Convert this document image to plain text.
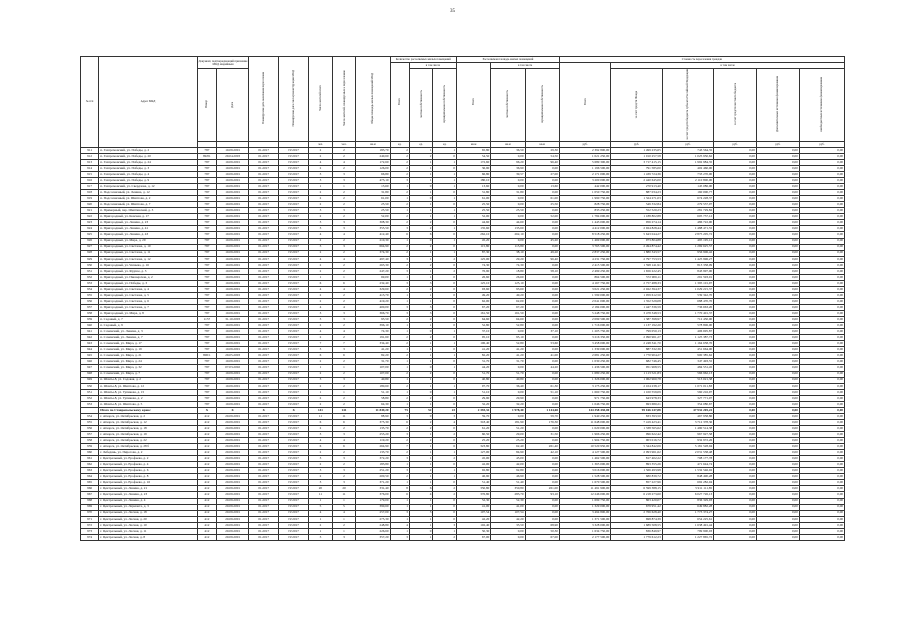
35
№ п/п	Адрес МКД	Документ, подтверждающий признание МКД аварийным		Планируемая дата окончания переселения	Планируемая дата сноса/реконструкции МКД	Число жителей всего	Число жителей, планируемых к переселению	Общая площадь жилых помещений МКД	Количество расселяемых жилых помещений			Расселяемая площадь жилых помещений			Стоимость переселения граждан					
									Всего	в том числе		Всего	в том числе		Всего	в том числе				
		Номер	Дата							частная собственность	муниципальная собственность		частная собственность	муниципальная собственность		за счет средств Фонда	за счет средств бюджета субъекта Российской Федерации	за счет средств местного бюджета	Дополнительные источники финансирования	внебюджетных источников финансирования
						чел.	чел.	кв.м	ед.	ед.	ед.	кв.м	кв.м	кв.м	руб.	руб.	руб.	руб.	руб.	руб.
911	п. Газпромовский, ул. Победы, д. 2	787	10.09.2001	01.2017	IV.2017	2	2	183,70	2	1	1	65,80	36,50	29,30	2 392 800,00	1 499 235,65	743 564,35	0,00	0,00	0,00
912	п. Газпромовский, ул. Победы, д. 20	89/01	29.04.2003	01.2017	IV.2017	2	2	240,60	2	2	0	54,50	0,00	54,50	1 021 250,00	1 010 257,58	1 025 950,62	0,00	0,00	0,00
913	п. Газпромовский, ул. Победы, д. 24	787	10.09.2001	01.2017	IV.2017	4	4	172,60	2	1	1	172,60	96,20	96,40	5 689 300,00	3 717 415,15	1 992 984,35	0,00	0,00	0,00
914	п. Газпромовский, ул. Победы, д. 3	787	10.09.2001	01.2017	IV.2017	2	2	126,00	2	1	0	36,90	36,90	0,00	1 196 500,00	791 585,00	402 460,00	0,00	0,00	0,00
915	п. Газпромовский, ул. Победы, д. 4	787	10.09.2001	01.2017	IV.2017	3	3	66,80	2	1	1	66,80	39,57	27,00	2 171 000,00	1 439 724,36	733 270,00	0,00	0,00	0,00
916	п. Газпромовский, ул. Победы, д. 9	787	10.09.2001	01.2017	IV.2017	3	3	473,10	3	1	1	180,10	0,00	0,00	3 200 000,00	2 440 645,00	2 110 800,00	0,00	0,00	0,00
917	п. Газпромовский, ул. Свердлова, д. 12	787	10.09.2001	01.2017	IV.2017	1	1	13,60	1	0	1	13,60	0,00	13,60	442 000,00	270 913,40	145 086,00	0,00	0,00	0,00
918	п. Подсолнечный, ул. Ленина, д. 12	787	10.09.2001	01.2017	IV.2017	2	2	31,80	2	1	0	31,80	31,80	0,00	1 050 750,00	887 034,23	160 000,77	0,00	0,00	0,00
919	п. Подсолнечный, ул. Шиптова, д. 2	787	10.09.2001	01.2017	IV.2017	2	2	61,00	1	0	1	61,00	0,00	61,00	1 990 750,00	1 324 271,03	674 228,37	0,00	0,00	0,00
920	п. Подсолнечный, ул. Шиптова, д. 7	787	10.09.2001	01.2017	IV.2017	2	2	25,50	2	1	0	25,50	0,00	25,50	828 750,00	549 332,84	279 537,07	0,00	0,00	0,00
921	п. Примерный, пер. Шептинский, д. 3	787	10.09.2001	01.2017	IV.2017	3	3	25,50	1	1	1	25,50	25,50	0,00	833 250,00	552 520,23	281 729,82	0,00	0,00	0,00
922	п. Пригородный, ул. Ковская, д. 17	787	10.09.2001	01.2017	IV.2017	2	2	52,00	2	1	1	52,00	0,00	52,00	1 784 000,00	1 188 802,88	605 737,12	0,00	0,00	0,00
923	п. Пригородный, ул. Ленина, д. 23	787	10.09.2001	01.2017	IV.2017	3	3	308,30	2	2	0	44,60	44,60	0,00	1 443 000,00	956 274,14	486 722,90	0,00	0,00	0,00
924	п. Пригородный, ул. Ленина, д. 41	787	10.09.2001	01.2017	IV.2017	3	3	355,50	3	2	1	135,60	135,60	0,00	4 412 000,00	2 924 828,44	1 488 471,55	0,00	0,00	0,00
925	п. Пригородный, ул. Ленина, д. 43	787	10.09.2001	01.2017	IV.2017	4	4	412,40	6	6	0	262,10	262,10	0,00	8 518 250,00	5 643 044,27	2 875 205,72	0,00	0,00	0,00
926	п. Пригородный, ул. Мира, д. 29	787	10.09.2001	01.2017	IV.2017	2	2	210,30	1	0	1	45,20	0,00	45,20	1 469 000,00	973 804,88	495 195,12	0,00	0,00	0,00
927	п. Пригородный, ул. Светлова, д. 10	787	10.09.2001	01.2017	IV.2017	3	3	664,90	2	2	0	115,80	115,80	0,00	3 765 500,00	2 494 874,42	1 269 625,57	0,00	0,00	0,00
928	п. Пригородный, ул. Светлова, д. 11	787	10.09.2001	01.2017	IV.2017	2	2	374,30	2	1	1	87,30	38,10	49,20	2 837 250,00	1 880 343,57	956 906,42	0,00	0,00	0,00
929	п. Пригородный, ул. Светлова, д. 12	787	10.09.2001	01.2017	IV.2017	4	4	497,40	3	1	2	125,00	29,20	96,40	4 231 750,00	2 797 753,53	1 425 996,27	0,00	0,00	0,00
930	п. Пригородный, ул. Чапаева, д. 16	787	10.09.2001	01.2017	IV.2017	2	2	263,30	2	2	0	74,30	74,30	0,00	2 415 500,00	1 598 141,91	813 358,09	0,00	0,00	0,00
931	п. Пригородный, ул. Фрунзе, д. 3	787	10.09.2001	01.2017	IV.2017	2	2	247,20	3	1	2	76,90	18,80	58,10	2 499 250,00	1 656 222,45	843 997,00	0,00	0,00	0,00
932	п. Пригородный, ул. Пионерская, д. 2	787	10.09.2001	01.2017	IV.2017	1	1	69,00	1	1	0	26,60	26,60	0,00	864 500,00	572 906,11	291 593,01	0,00	0,00	0,00
933	п. Пригородный, ул. Победы, д. 3	787	10.09.2001	01.2017	IV.2017	6	6	232,40	3	3	0	125,10	125,10	0,00	4 167 750,00	2 757 488,33	1 395 101,97	0,00	0,00	0,00
934	п. Пригородный, ул. Светлова, д. 4	787	10.09.2001	01.2017	IV.2017	4	4	329,60	2	2	0	93,60	93,60	0,00	3 021 250,00	2 022 394,37	1 029 215,37	0,00	0,00	0,00
935	п. Пригородный, ул. Светлова, д. 5	787	10.09.2001	01.2017	IV.2017	2	2	413,70	1	1	0	49,20	49,20	0,00	1 599 000,00	1 059 612,50	539 342,70	0,00	0,00	0,00
936	п. Пригородный, ул. Светлова, д. 6	787	10.09.2001	01.2017	IV.2017	2	2	419,20	1	1	0	62,00	62,00	0,00	2 041 000,00	1 352 529,08	688 470,70	0,00	0,00	0,00
937	п. Пригородный, ул. Светлова, д. 7	787	10.09.2001	01.2017	IV.2017	4	4	400,00	3	3	0	67,20	67,20	0,00	2 184 000,00	1 447 336,59	736 663,20	0,00	0,00	0,00
938	п. Пригородный, ул. Мира, д. 8	787	10.09.2001	01.2017	IV.2017	3	3	366,70	3	3	0	161,50	161,50	0,00	5 248 750,00	3 478 348,53	1 770 401,37	0,00	0,00	0,00
939	п. Садовый, д. 7	1157	31.10.2003	01.2017	IV.2017	3	3	93,50	2	2	0	64,60	64,60	0,00	2 099 500,00	1 387 398,97	712 450,00	0,00	0,00	0,00
940	п. Садовый, д. 9	787	10.09.2001	01.2017	IV.2017	2	2	396,10	1	1	0	52,80	52,80	0,00	1 716 000,00	1 137 192,20	578 806,00	0,00	0,00	0,00
941	п. Сочинский, ул. Ленина, д. 3	787	10.09.2001	01.2017	IV.2017	4	4	74,30	1	0	1	37,10	0,00	37,10	1 205 750,00	799 050,13	406 695,87	0,00	0,00	0,00
942	п. Сочинский, ул. Ленина, д. 7	787	10.09.2001	01.2017	IV.2017	2	2	191,60	2	2	0	95,10	95,10	0,00	3 216 350,00	2 090 961,27	1 125 387,73	0,00	0,00	0,00
943	п. Сочинский, ул. Мира, д. 17	787	10.09.2001	01.2017	IV.2017	7	7	334,40	2	1	1	106,40	52,80	53,60	3 458 000,00	2 248 341,70	1 164 658,70	0,00	0,00	0,00
944	п. Сочинский, ул. Мира, д. 19	787	10.09.2001	01.2017	IV.2017	3	3	41,20	1	1	0	41,20	41,20	0,00	1 339 000,00	887 332,36	451 664,00	0,00	0,00	0,00
945	п. Сочинский, ул. Мира, д. 21	800/1	29.05.2003	01.2017	IV.2017	6	6	82,20	2	1	1	82,20	41,20	41,00	2 681 250,00	1 770 904,27	900 385,62	0,00	0,00	0,00
946	п. Сочинский, ул. Мира, д. 24	787	10.09.2001	01.2017	IV.2017	2	2	31,70	1	1	0	31,70	31,70	0,00	1 030 250,00	682 746,45	347 493,55	0,00	0,00	0,00
947	п. Сочинский, ул. Мира, д. 32	787	07.03.2002	01.2017	IV.2017	1	1	107,00	1	0	1	44,20	0,00	44,20	1 436 500,00	951 968,55	484 531,45	0,00	0,00	0,00
948	п. Сочинский, ул. Мира, д. 7	787	10.09.2001	01.2017	IV.2017	2	2	107,00	2	2	0	51,70	51,70	0,00	1 680 250,00	1 113 521,83	566 962,13	0,00	0,00	0,00
949	п. Шахты-8, ул. Садовая, д. 2	787	10.09.2001	01.2017	IV.2017	3	3	40,80	1	1	0	40,80	40,80	0,00	1 326 000,00	1 062 960,78	513 021,38	0,00	0,00	0,00
950	п. Шахты-8, ул. Шиптова, д. 12	787	10.09.2001	01.2017	IV.2017	2	2	180,60	2	1	1	97,70	36,40	61,30	3 175 250,00	2 104 238,17	1 071 011,83	0,00	0,00	0,00
951	п. Шахты-8, ул. Тупикова, д. 15	787	10.09.2001	01.2017	IV.2017	1	1	51,10	1	0	1	51,10	0,00	51,10	1 660 750,00	1 100 559,09	560 216,97	0,00	0,00	0,00
952	п. Шахты-8, ул. Тупикова, д. 2	787	10.09.2001	01.2017	IV.2017	2	2	58,80	2	2	0	29,90	29,90	0,00	971 750,00	643 978,33	327 771,07	0,00	0,00	0,00
953	п. Шахты-8, ул. Шиптова, д. 5	787	10.09.2001	01.2017	IV.2017	2	2	64,30	1	1	0	32,20	32,20	0,00	1 046 750,00	693 680,21	354 080,67	0,00	0,00	0,00
	Итого по Ставропольскому краю:	X	X	X	X	141	141	11 849,20	75	52	23	2 393,32	1 978,40	1 144,68	144 358 430,00	95 166 247,88	47 932 205,22	0,00	0,00	0,00
954	г. Аткарск, ул. Октябрьская, д. 2	412	20.09.2001	01.2017	IV.2017	11	11	88,90	3	0	3	59,70	0,00	59,70	1 940 250,00	833 393,50	467 958,86	0,00	0,00	0,00
955	г. Аткарск, ул. Октябрьская, д. 12	412	20.09.2001	01.2017	IV.2017	6	6	375,30	6	2	4	318,40	181,90	176,30	11 648 000,00	7 419 423,41	3 712 378,36	0,00	0,00	0,00
956	г. Аткарск, ул. Октябрьская, д. 18	412	20.09.2001	01.2017	IV.2017	2	2	135,70	2	2	0	61,20	51,20	0,00	1 020 000,00	1 338 565,62	1 490 514,38	0,00	0,00	0,00
957	г. Аткарск, ул. Октябрьская, д. 19	412	20.09.2001	01.2017	IV.2017	3	3	255,20	3	1	2	60,50	29,00	31,50	1 966 250,00	996 622,42	967 927,58	0,00	0,00	0,00
958	г. Аткарск, ул. Октябрьская, д. 22	412	20.09.2001	01.2017	IV.2017	4	4	119,20	2	2	0	25,20	25,20	0,00	1 904 750,00	903 016,72	932 972,26	0,00	0,00	0,00
959	г. Аткарск, ул. Октябрьская, д. 28 б	412	20.09.2001	01.2017	IV.2017	6	6	264,90	7	1	6	323,80	62,40	261,40	10 520 950,00	5 344 842,06	5 181 528,94	0,00	0,00	0,00
960	г. Лебедянь, ул. Пирогова, д. 2	412	20.09.2001	01.2017	IV.2017	2	2	133,70	2	1	1	127,00	84,90	42,10	4 127 500,00	2 093 961,62	2 031 538,48	0,00	0,00	0,00
961	г. Центральный, ул. Ерофеева, д. 2	412	20.09.2001	01.2017	IV.2017	3	3	372,20	3	1	2	45,00	45,00	0,00	1 462 500,00	817 402,22	708 177,78	0,00	0,00	0,00
962	г. Центральный, ул. Ерофеева, д. 4	412	20.09.2001	01.2017	IV.2017	2	2	183,80	1	1	0	42,00	42,00	0,00	1 365 000,00	893 355,26	471 644,74	0,00	0,00	0,00
963	г. Центральный, ул. Ерофеева, д. 6	412	20.09.2001	01.2017	IV.2017	3	3	251,20	3	2	1	92,80	92,80	0,00	3 016 000,00	1 566 493,98	1 532 546,02	0,00	0,00	0,00
964	г. Центральный, ул. Ерофеева, д. 8	412	20.09.2001	01.2017	IV.2017	2	2	200,50	2	1	1	46,90	46,90	0,00	1 528 500,00	680 839,72	848 490,28	0,00	0,00	0,00
965	г. Центральный, ул. Ерофеева, д. 16	412	20.09.2001	01.2017	IV.2017	3	3	371,20	1	1	0	51,40	51,40	0,00	1 670 500,00	857 227,96	692 282,04	0,00	0,00	0,00
966	г. Центральный, ул. Ленина, д. 21	412	20.09.2001	01.2017	IV.2017	20	20	331,40	8	6	2	350,80	350,80	261,00	11 491 900,00	6 599 388,15	5 911 111,85	0,00	0,00	0,00
967	г. Центральный, ул. Ленина, д. 23	412	20.09.2001	01.2017	IV.2017	11	11	376,00	6	4	2	376,80	283,70	93,10	12 246 000,00	6 218 273,60	6 027 726,13	0,00	0,00	0,00
968	г. Центральный, ул. Ленина, д. 4	412	20.09.2001	01.2017	IV.2017	1	1	179,00	1	1	0	52,30	52,30	0,00	1 699 750,00	863 420,07	836 329,93	0,00	0,00	0,00
969	г. Центральный, ул. Лермонта, д. 3	412	20.09.2001	01.2017	IV.2017	5	5	390,60	1	1	0	41,00	41,00	0,00	1 329 000,00	679 951,42	649 882,28	0,00	0,00	0,00
970	г. Центральный, ул. Лесная, д. 18	412	20.09.2001	01.2017	IV.2017	4	4	257,00	3	3	0	107,54	107,54	0,00	3 494 800,00	2 766 628,40	1 773 374,27	0,00	0,00	0,00
971	г. Центральный, ул. Лесная, д. 20	412	20.09.2001	01.2017	IV.2017	1	1	275,30	1	1	0	42,20	42,20	0,00	1 371 500,00	698 874,39	654 225,61	0,00	0,00	0,00
972	г. Центральный, ул. Лесная, д. 10	412	20.09.2001	01.2017	IV.2017	2	2	248,80	4	1	3	102,40	33,50	68,90	3 328 000,00	1 689 508,55	1 638 491,44	0,00	0,00	0,00
973	г. Центральный, ул. Лесная, д. 11	412	20.09.2001	01.2017	IV.2017	1	1	226,60	1	0	1	50,30	0,00	50,30	1 634 750,00	836 849,97	799 900,03	0,00	0,00	0,00
974	г. Центральный, ул. Лесная, д. 8	412	20.09.2001	01.2017	IV.2017	3	3	357,20	3	1	2	67,00	0,00	67,00	2 177 500,00	1 779 612,23	1 227 865,72	0,00	0,00	0,00
